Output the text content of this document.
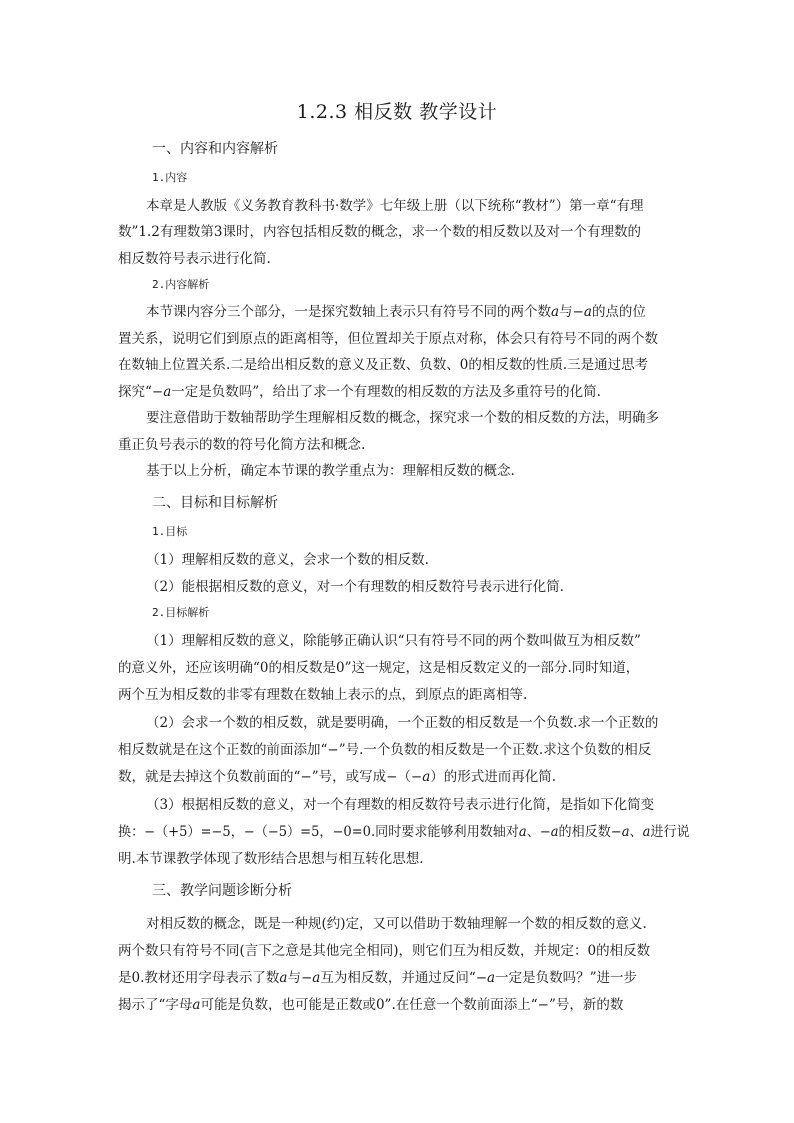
1.2.3 相反数 教学设计
一、内容和内容解析
1.内容
本章是人教版《义务教育教科书·数学》七年级上册（以下统称“教材”）第一章“有理
数”1.2有理数第3课时，内容包括相反数的概念，求一个数的相反数以及对一个有理数的
相反数符号表示进行化简.
2.内容解析
本节课内容分三个部分，一是探究数轴上表示只有符号不同的两个数a与−a的点的位
置关系，说明它们到原点的距离相等，但位置却关于原点对称，体会只有符号不同的两个数
在数轴上位置关系.二是给出相反数的意义及正数、负数、0的相反数的性质.三是通过思考
探究“−a一定是负数吗”，给出了求一个有理数的相反数的方法及多重符号的化简.
要注意借助于数轴帮助学生理解相反数的概念，探究求一个数的相反数的方法，明确多
重正负号表示的数的符号化简方法和概念.
基于以上分析，确定本节课的教学重点为：理解相反数的概念.
二、目标和目标解析
1.目标
（1）理解相反数的意义，会求一个数的相反数.
（2）能根据相反数的意义，对一个有理数的相反数符号表示进行化简.
2.目标解析
（1）理解相反数的意义，除能够正确认识“只有符号不同的两个数叫做互为相反数”
的意义外，还应该明确“0的相反数是0”这一规定，这是相反数定义的一部分.同时知道，
两个互为相反数的非零有理数在数轴上表示的点，到原点的距离相等.
（2）会求一个数的相反数，就是要明确，一个正数的相反数是一个负数.求一个正数的
相反数就是在这个正数的前面添加“−”号.一个负数的相反数是一个正数.求这个负数的相反
数，就是去掉这个负数前面的“−”号，或写成−（−a）的形式进而再化简.
（3）根据相反数的意义，对一个有理数的相反数符号表示进行化简，是指如下化简变
换：−（+5）=−5，−（−5）=5，−0=0.同时要求能够利用数轴对a、−a的相反数−a、a进行说
明.本节课教学体现了数形结合思想与相互转化思想.
三、教学问题诊断分析
对相反数的概念，既是一种规(约)定，又可以借助于数轴理解一个数的相反数的意义.
两个数只有符号不同(言下之意是其他完全相同)，则它们互为相反数，并规定：0的相反数
是0.教材还用字母表示了数a与−a互为相反数，并通过反问“−a一定是负数吗？”进一步
揭示了“字母a可能是负数，也可能是正数或0”.在任意一个数前面添上“−”号，新的数
